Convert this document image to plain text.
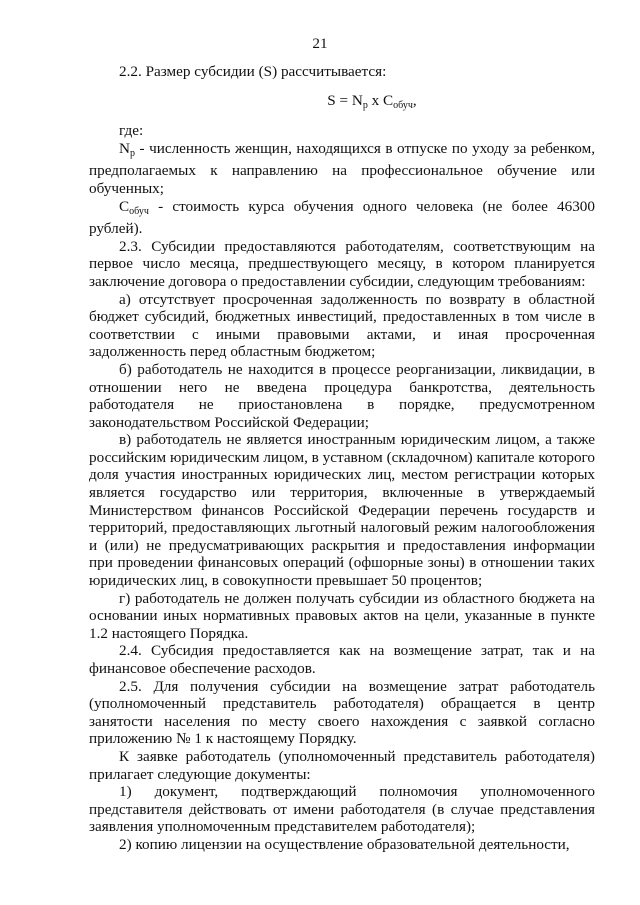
21

2.2. Размер субсидии (S) рассчитывается:

$S = N_р$ х $С_{обуч}$,

где:

$N_р$ - численность женщин, находящихся в отпуске по уходу за ребенком, предполагаемых к направлению на профессиональное обучение или обученных;

$С_{обуч}$ - стоимость курса обучения одного человека (не более 46300 рублей).

2.3. Субсидии предоставляются работодателям, соответствующим на первое число месяца, предшествующего месяцу, в котором планируется заключение договора о предоставлении субсидии, следующим требованиям:

а) отсутствует просроченная задолженность по возврату в областной бюджет субсидий, бюджетных инвестиций, предоставленных в том числе в соответствии с иными правовыми актами, и иная просроченная задолженность перед областным бюджетом;

б) работодатель не находится в процессе реорганизации, ликвидации, в отношении него не введена процедура банкротства, деятельность работодателя не приостановлена в порядке, предусмотренном законодательством Российской Федерации;

в) работодатель не является иностранным юридическим лицом, а также российским юридическим лицом, в уставном (складочном) капитале которого доля участия иностранных юридических лиц, местом регистрации которых является государство или территория, включенные в утверждаемый Министерством финансов Российской Федерации перечень государств и территорий, предоставляющих льготный налоговый режим налогообложения и (или) не предусматривающих раскрытия и предоставления информации при проведении финансовых операций (офшорные зоны) в отношении таких юридических лиц, в совокупности превышает 50 процентов;

г) работодатель не должен получать субсидии из областного бюджета на основании иных нормативных правовых актов на цели, указанные в пункте 1.2 настоящего Порядка.

2.4. Субсидия предоставляется как на возмещение затрат, так и на финансовое обеспечение расходов.

2.5. Для получения субсидии на возмещение затрат работодатель (уполномоченный представитель работодателя) обращается в центр занятости населения по месту своего нахождения с заявкой согласно приложению № 1 к настоящему Порядку.

К заявке работодатель (уполномоченный представитель работодателя) прилагает следующие документы:

1) документ, подтверждающий полномочия уполномоченного представителя действовать от имени работодателя (в случае представления заявления уполномоченным представителем работодателя);

2) копию лицензии на осуществление образовательной деятельности,
